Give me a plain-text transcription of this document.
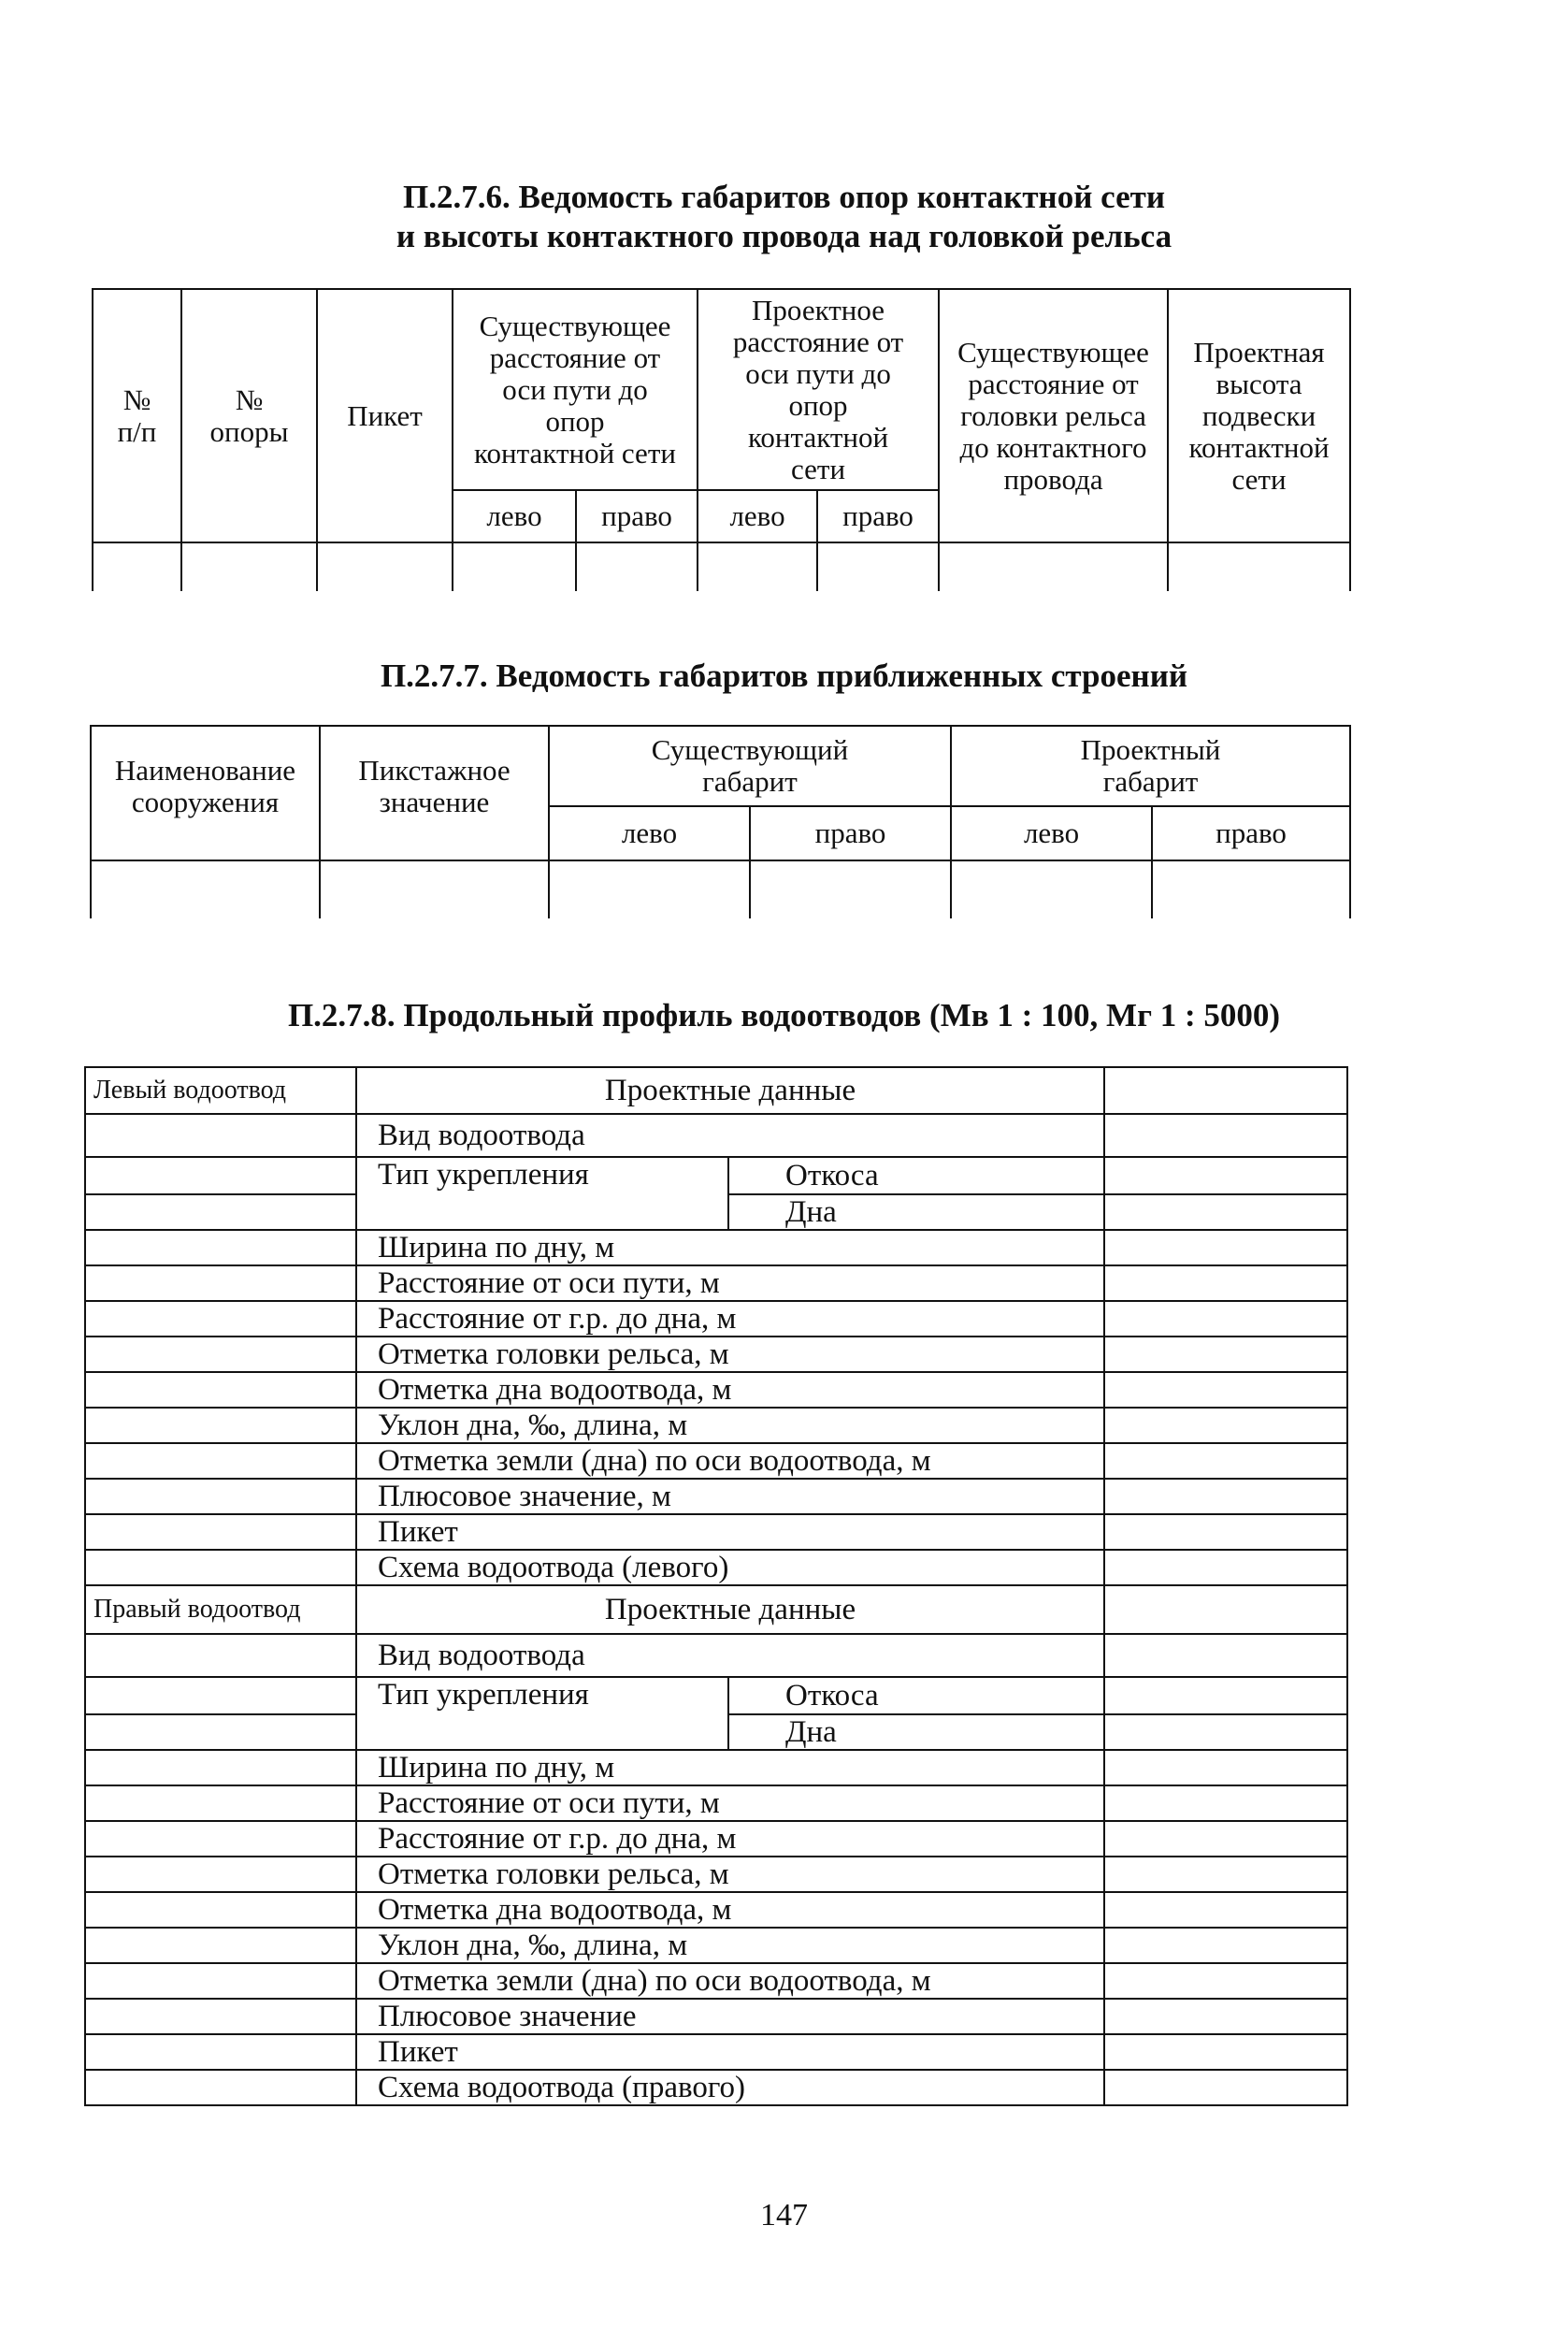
П.2.7.6. Ведомость габаритов опор контактной сети
и высоты контактного провода над головкой рельса
№ п/п	№ опоры	Пикет	Существующее расстояние от оси пути до опор контактной сети		Проектное расстояние от оси пути до опор контактной сети		Существующее расстояние от головки рельса до контактного провода	Проектная высота подвески контактной сети
			лево	право	лево	право		

П.2.7.7. Ведомость габаритов приближенных строений
Наименование сооружения	Пикстажное значение	Существующий габарит		Проектный габарит	
		лево	право	лево	право

П.2.7.8. Продольный профиль водоотводов (Мв 1 : 100, Мг 1 : 5000)
Левый водоотвод	Проектные данные		
	Вид водоотвода		
	Тип укрепления	Откоса	
		Дна	
	Ширина по дну, м		
	Расстояние от оси пути, м		
	Расстояние от г.р. до дна, м		
	Отметка головки рельса, м		
	Отметка дна водоотвода, м		
	Уклон дна, ‰, длина, м		
	Отметка земли (дна) по оси водоотвода, м		
	Плюсовое значение, м		
	Пикет		
	Схема водоотвода (левого)		
Правый водоотвод	Проектные данные		
	Вид водоотвода		
	Тип укрепления	Откоса	
		Дна	
	Ширина по дну, м		
	Расстояние от оси пути, м		
	Расстояние от г.р. до дна, м		
	Отметка головки рельса, м		
	Отметка дна водоотвода, м		
	Уклон дна, ‰, длина, м		
	Отметка земли (дна) по оси водоотвода, м		
	Плюсовое значение		
	Пикет		
	Схема водоотвода (правого)		
147
